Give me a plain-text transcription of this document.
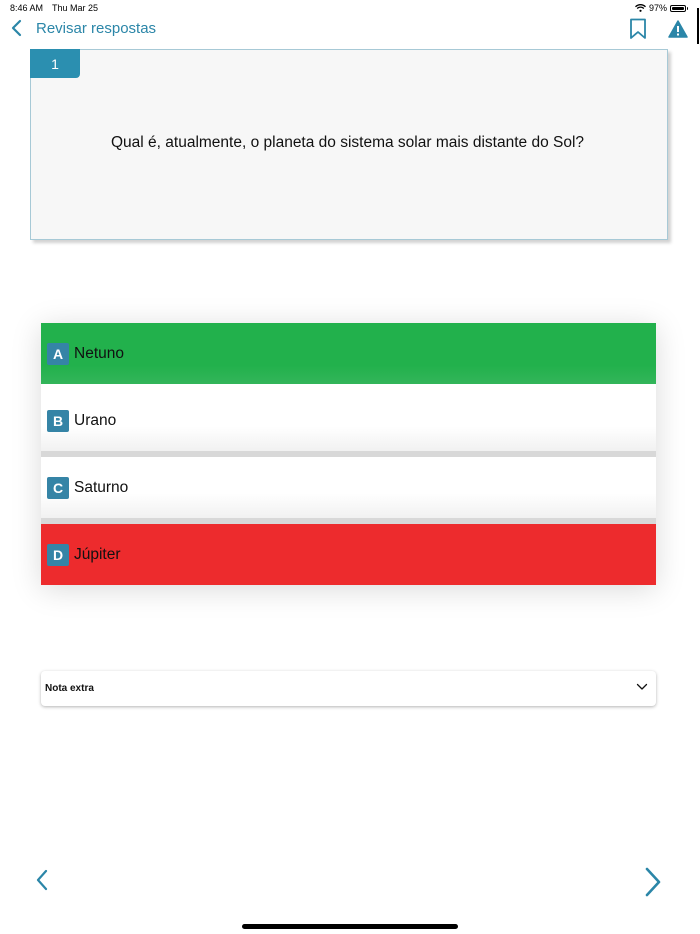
8:46 AM Thu Mar 25	97%
Revisar respostas
1
Qual é, atualmente, o planeta do sistema solar mais distante do Sol?
A Netuno
B Urano
C Saturno
D Júpiter
Nota extra
